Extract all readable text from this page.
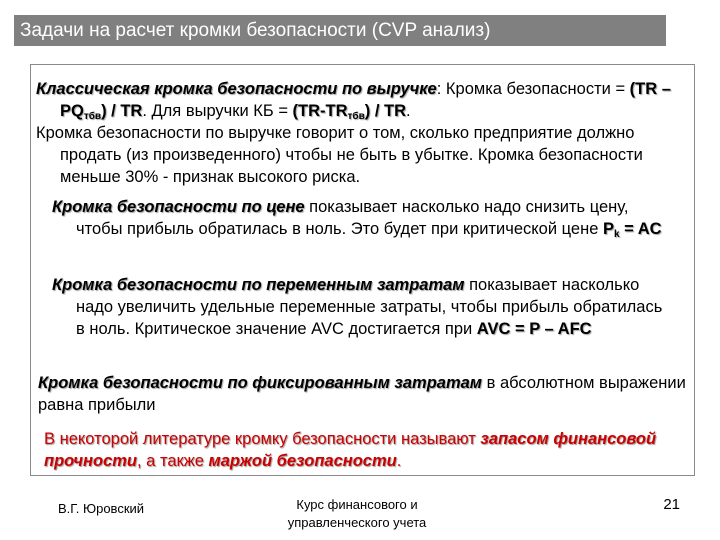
Задачи на расчет кромки безопасности (CVP анализ)

Классическая кромка безопасности по выручке: Кромка безопасности = $(TR - PQ_{тбв})$ / TR. Для выручки КБ = $(TR-TR_{тбв})$ / TR.

Кромка безопасности по выручке говорит о том, сколько предприятие должно продать (из произведенного) чтобы не быть в убытке. Кромка безопасности меньше 30% - признак высокого риска.

Кромка безопасности по цене показывает насколько надо снизить цену, чтобы прибыль обратилась в ноль. Это будет при критической цене $P_k$ = AC

Кромка безопасности по переменным затратам показывает насколько надо увеличить удельные переменные затраты, чтобы прибыль обратилась в ноль. Критическое значение AVC достигается при AVC = P – AFC

Кромка безопасности по фиксированным затратам в абсолютном выражении равна прибыли

В некоторой литературе кромку безопасности называют запасом финансовой прочности, а также маржой безопасности.

В.Г. Юровский	Курс финансового и управленческого учета
21
